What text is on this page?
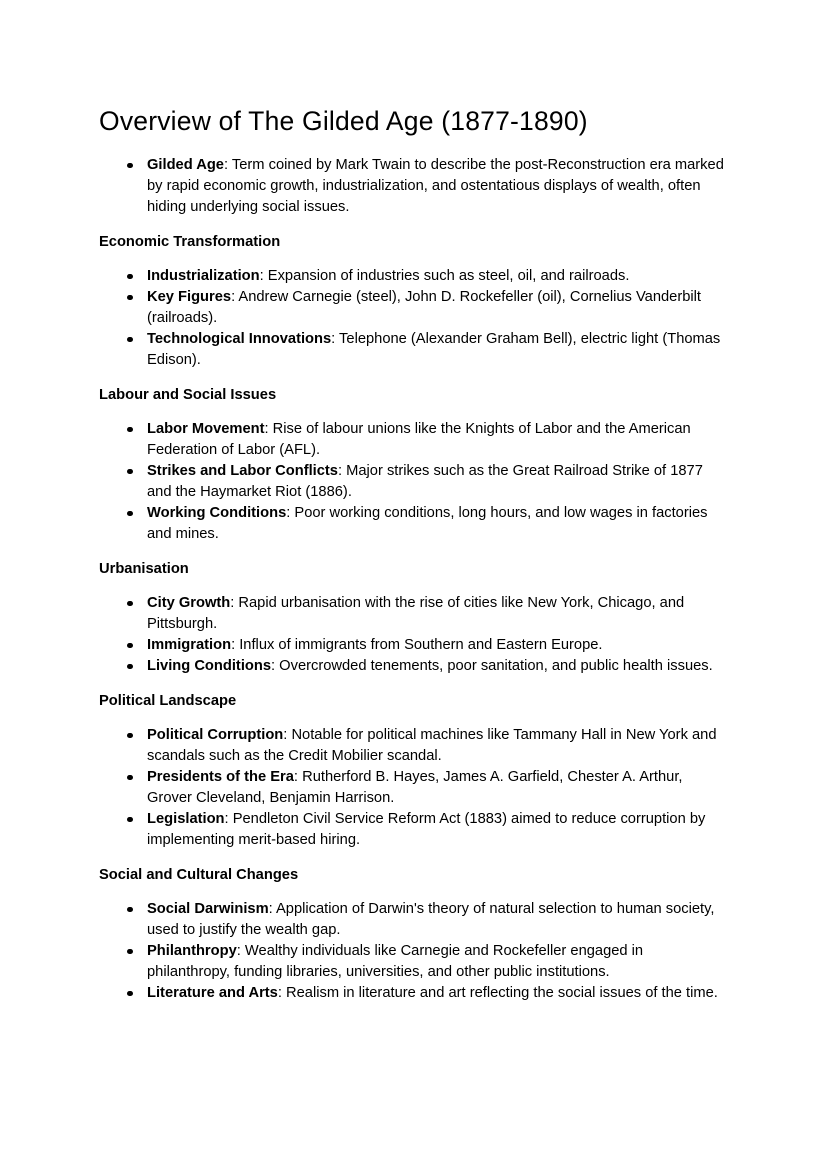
Overview of The Gilded Age (1877-1890)
Gilded Age: Term coined by Mark Twain to describe the post-Reconstruction era marked by rapid economic growth, industrialization, and ostentatious displays of wealth, often hiding underlying social issues.
Economic Transformation
Industrialization: Expansion of industries such as steel, oil, and railroads.
Key Figures: Andrew Carnegie (steel), John D. Rockefeller (oil), Cornelius Vanderbilt (railroads).
Technological Innovations: Telephone (Alexander Graham Bell), electric light (Thomas Edison).
Labour and Social Issues
Labor Movement: Rise of labour unions like the Knights of Labor and the American Federation of Labor (AFL).
Strikes and Labor Conflicts: Major strikes such as the Great Railroad Strike of 1877 and the Haymarket Riot (1886).
Working Conditions: Poor working conditions, long hours, and low wages in factories and mines.
Urbanisation
City Growth: Rapid urbanisation with the rise of cities like New York, Chicago, and Pittsburgh.
Immigration: Influx of immigrants from Southern and Eastern Europe.
Living Conditions: Overcrowded tenements, poor sanitation, and public health issues.
Political Landscape
Political Corruption: Notable for political machines like Tammany Hall in New York and scandals such as the Credit Mobilier scandal.
Presidents of the Era: Rutherford B. Hayes, James A. Garfield, Chester A. Arthur, Grover Cleveland, Benjamin Harrison.
Legislation: Pendleton Civil Service Reform Act (1883) aimed to reduce corruption by implementing merit-based hiring.
Social and Cultural Changes
Social Darwinism: Application of Darwin's theory of natural selection to human society, used to justify the wealth gap.
Philanthropy: Wealthy individuals like Carnegie and Rockefeller engaged in philanthropy, funding libraries, universities, and other public institutions.
Literature and Arts: Realism in literature and art reflecting the social issues of the time.
